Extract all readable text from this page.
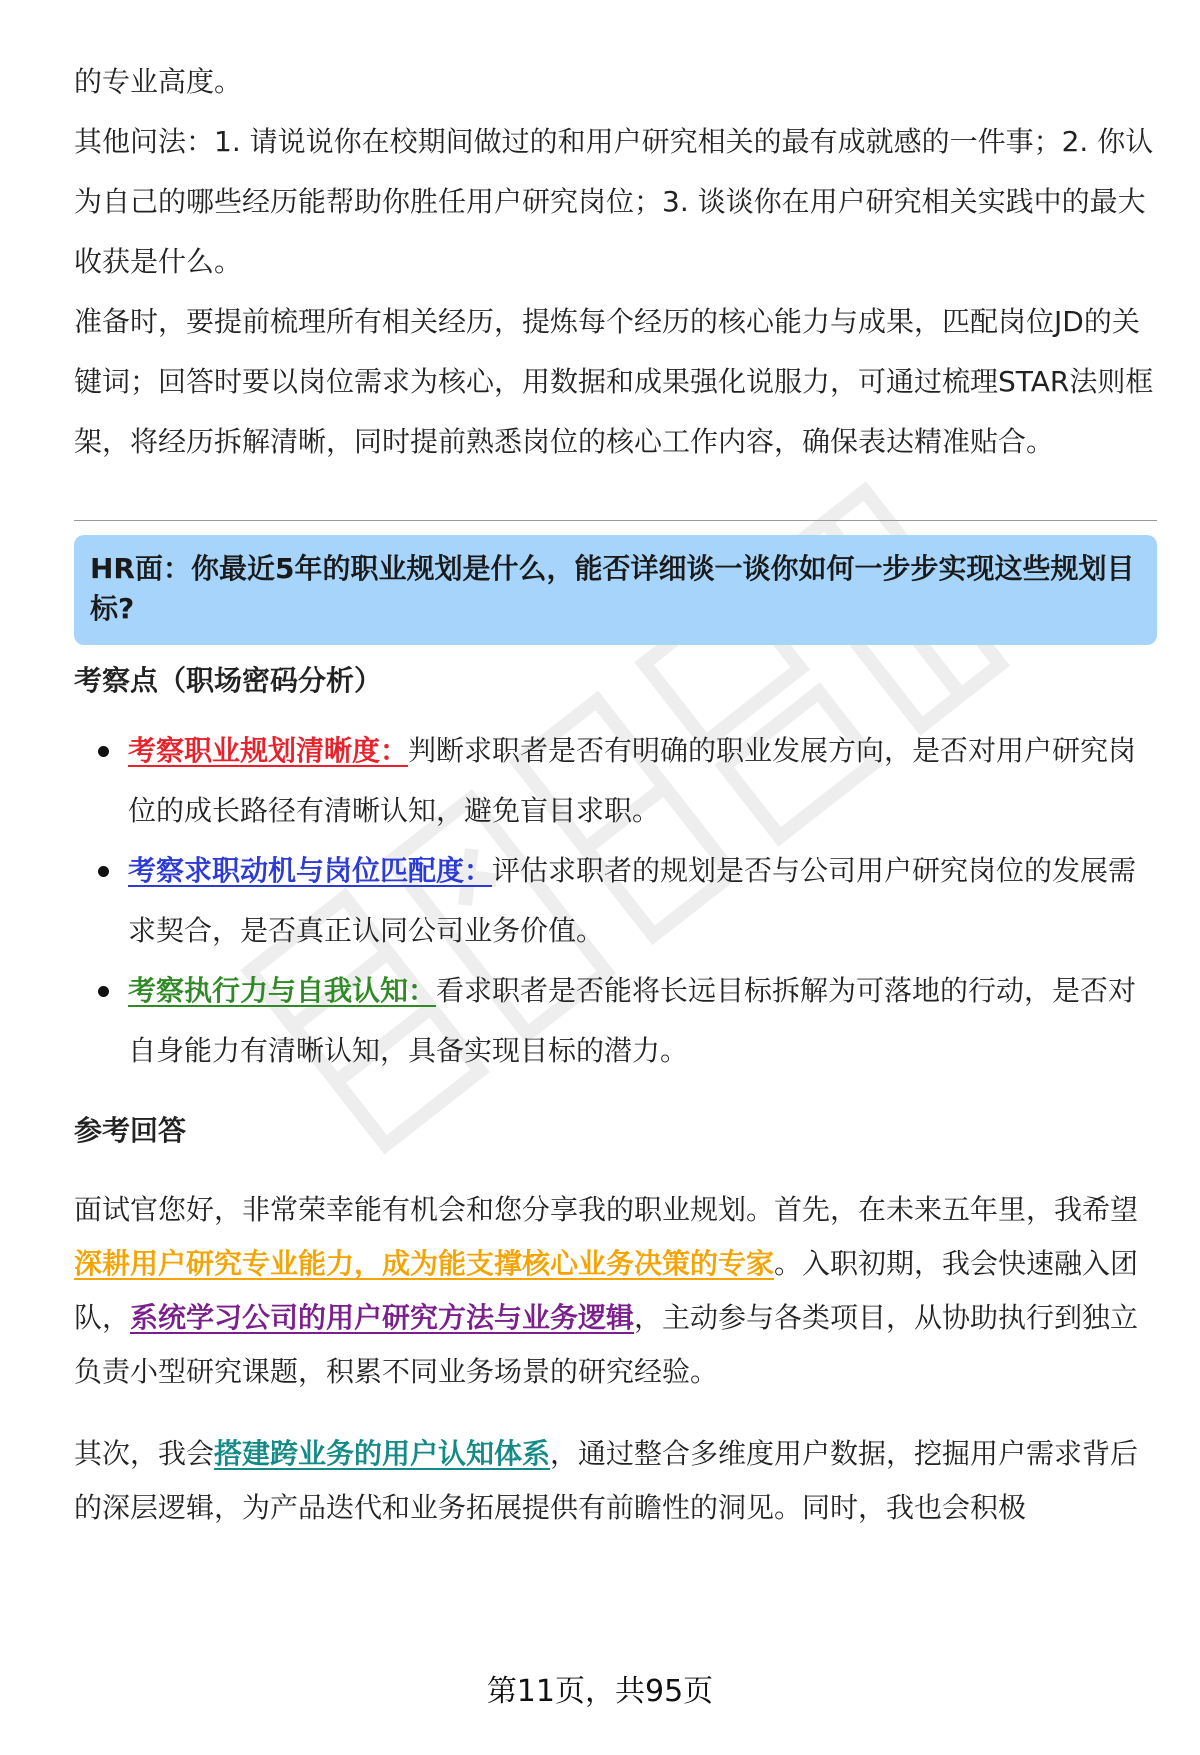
的专业高度。

其他问法：1. 请说说你在校期间做过的和用户研究相关的最有成就感的一件事；2. 你认为自己的哪些经历能帮助你胜任用户研究岗位；3. 谈谈你在用户研究相关实践中的最大收获是什么。

准备时，要提前梳理所有相关经历，提炼每个经历的核心能力与成果，匹配岗位JD的关键词；回答时要以岗位需求为核心，用数据和成果强化说服力，可通过梳理STAR法则框架，将经历拆解清晰，同时提前熟悉岗位的核心工作内容，确保表达精准贴合。

HR面：你最近5年的职业规划是什么，能否详细谈一谈你如何一步步实现这些规划目标?
考察点（职场密码分析）
考察职业规划清晰度：判断求职者是否有明确的职业发展方向，是否对用户研究岗位的成长路径有清晰认知，避免盲目求职。
考察求职动机与岗位匹配度：评估求职者的规划是否与公司用户研究岗位的发展需求契合，是否真正认同公司业务价值。
考察执行力与自我认知：看求职者是否能将长远目标拆解为可落地的行动，是否对自身能力有清晰认知，具备实现目标的潜力。
参考回答

面试官您好，非常荣幸能有机会和您分享我的职业规划。首先，在未来五年里，我希望深耕用户研究专业能力，成为能支撑核心业务决策的专家。入职初期，我会快速融入团队，系统学习公司的用户研究方法与业务逻辑，主动参与各类项目，从协助执行到独立负责小型研究课题，积累不同业务场景的研究经验。

其次，我会搭建跨业务的用户认知体系，通过整合多维度用户数据，挖掘用户需求背后的深层逻辑，为产品迭代和业务拓展提供有前瞻性的洞见。同时，我也会积极

第11页，共95页
